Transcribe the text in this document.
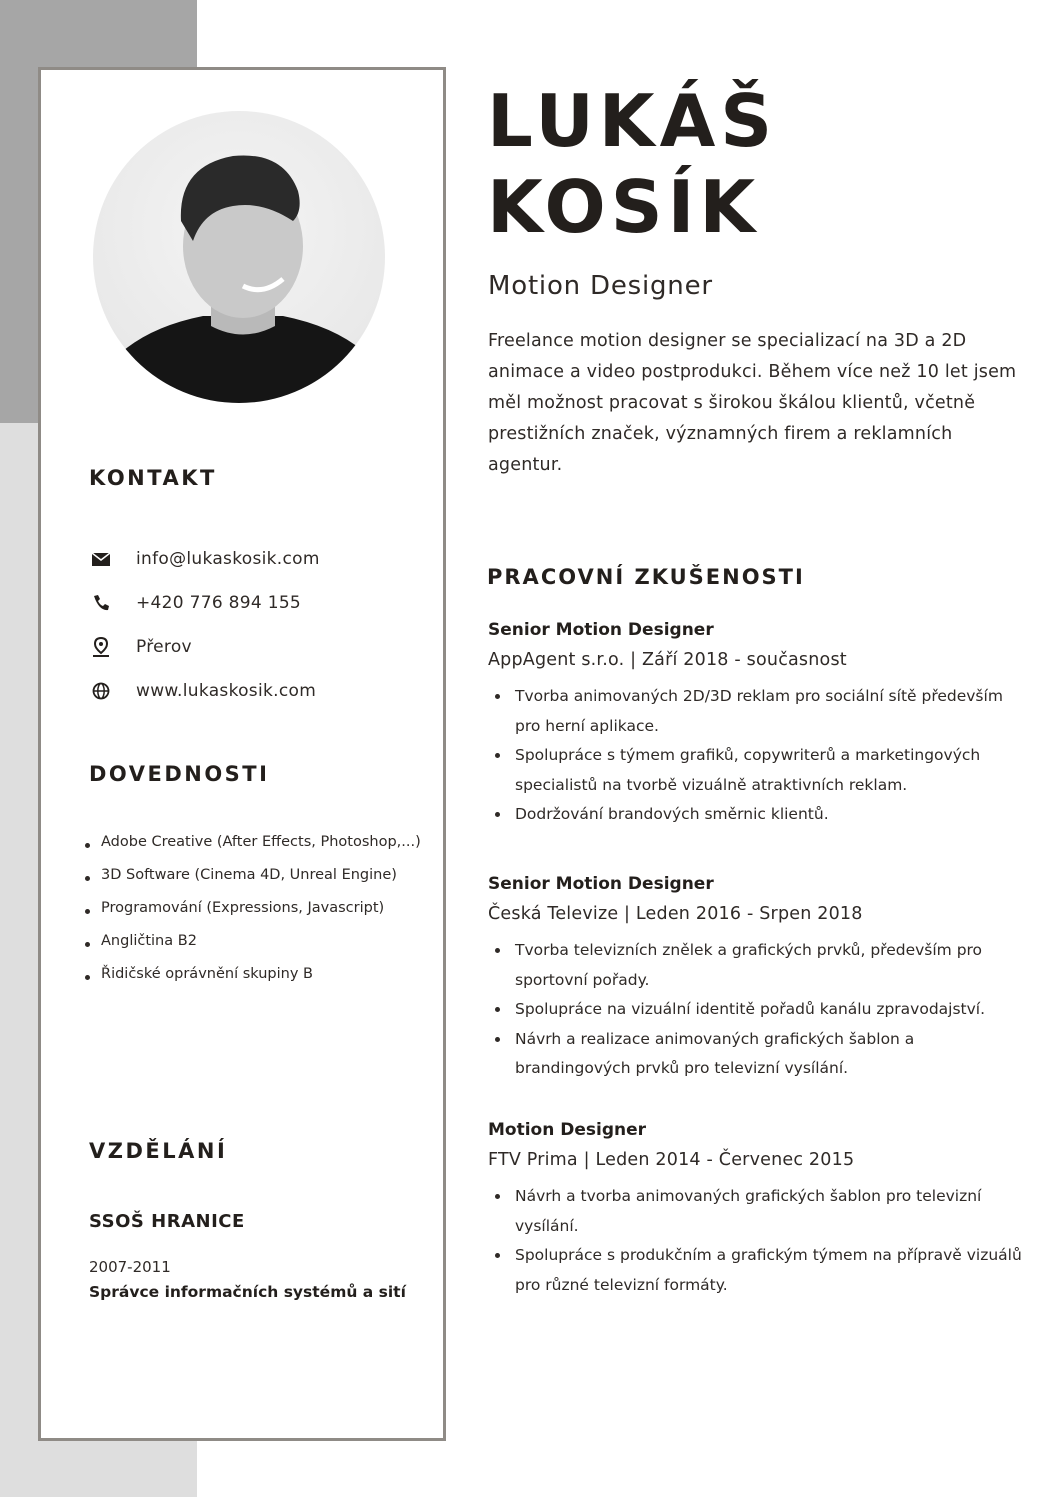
KONTAKT
info@lukaskosik.com
+420 776 894 155
Přerov
www.lukaskosik.com
DOVEDNOSTI
Adobe Creative (After Effects, Photoshop,...)
3D Software (Cinema 4D, Unreal Engine)
Programování (Expressions, Javascript)
Angličtina B2
Řidičské oprávnění skupiny B
VZDĚLÁNÍ
SSOŠ HRANICE
2007-2011
Správce informačních systémů a sití
LUKÁŠ
KOSÍK
Motion Designer

Freelance motion designer se specializací na 3D a 2D animace a video postprodukci. Během více než 10 let jsem měl možnost pracovat s širokou škálou klientů, včetně prestižních značek, významných firem a reklamních agentur.

PRACOVNÍ ZKUŠENOSTI
Senior Motion Designer
AppAgent s.r.o. | Září 2018 - současnost
Tvorba animovaných 2D/3D reklam pro sociální sítě především pro herní aplikace.
Spolupráce s týmem grafiků, copywriterů a marketingových specialistů na tvorbě vizuálně atraktivních reklam.
Dodržování brandových směrnic klientů.
Senior Motion Designer
Česká Televize | Leden 2016 - Srpen 2018
Tvorba televizních znělek a grafických prvků, především pro sportovní pořady.
Spolupráce na vizuální identitě pořadů kanálu zpravodajství.
Návrh a realizace animovaných grafických šablon a brandingových prvků pro televizní vysílání.
Motion Designer
FTV Prima | Leden 2014 - Červenec 2015
Návrh a tvorba animovaných grafických šablon pro televizní vysílání.
Spolupráce s produkčním a grafickým týmem na přípravě vizuálů pro různé televizní formáty.
